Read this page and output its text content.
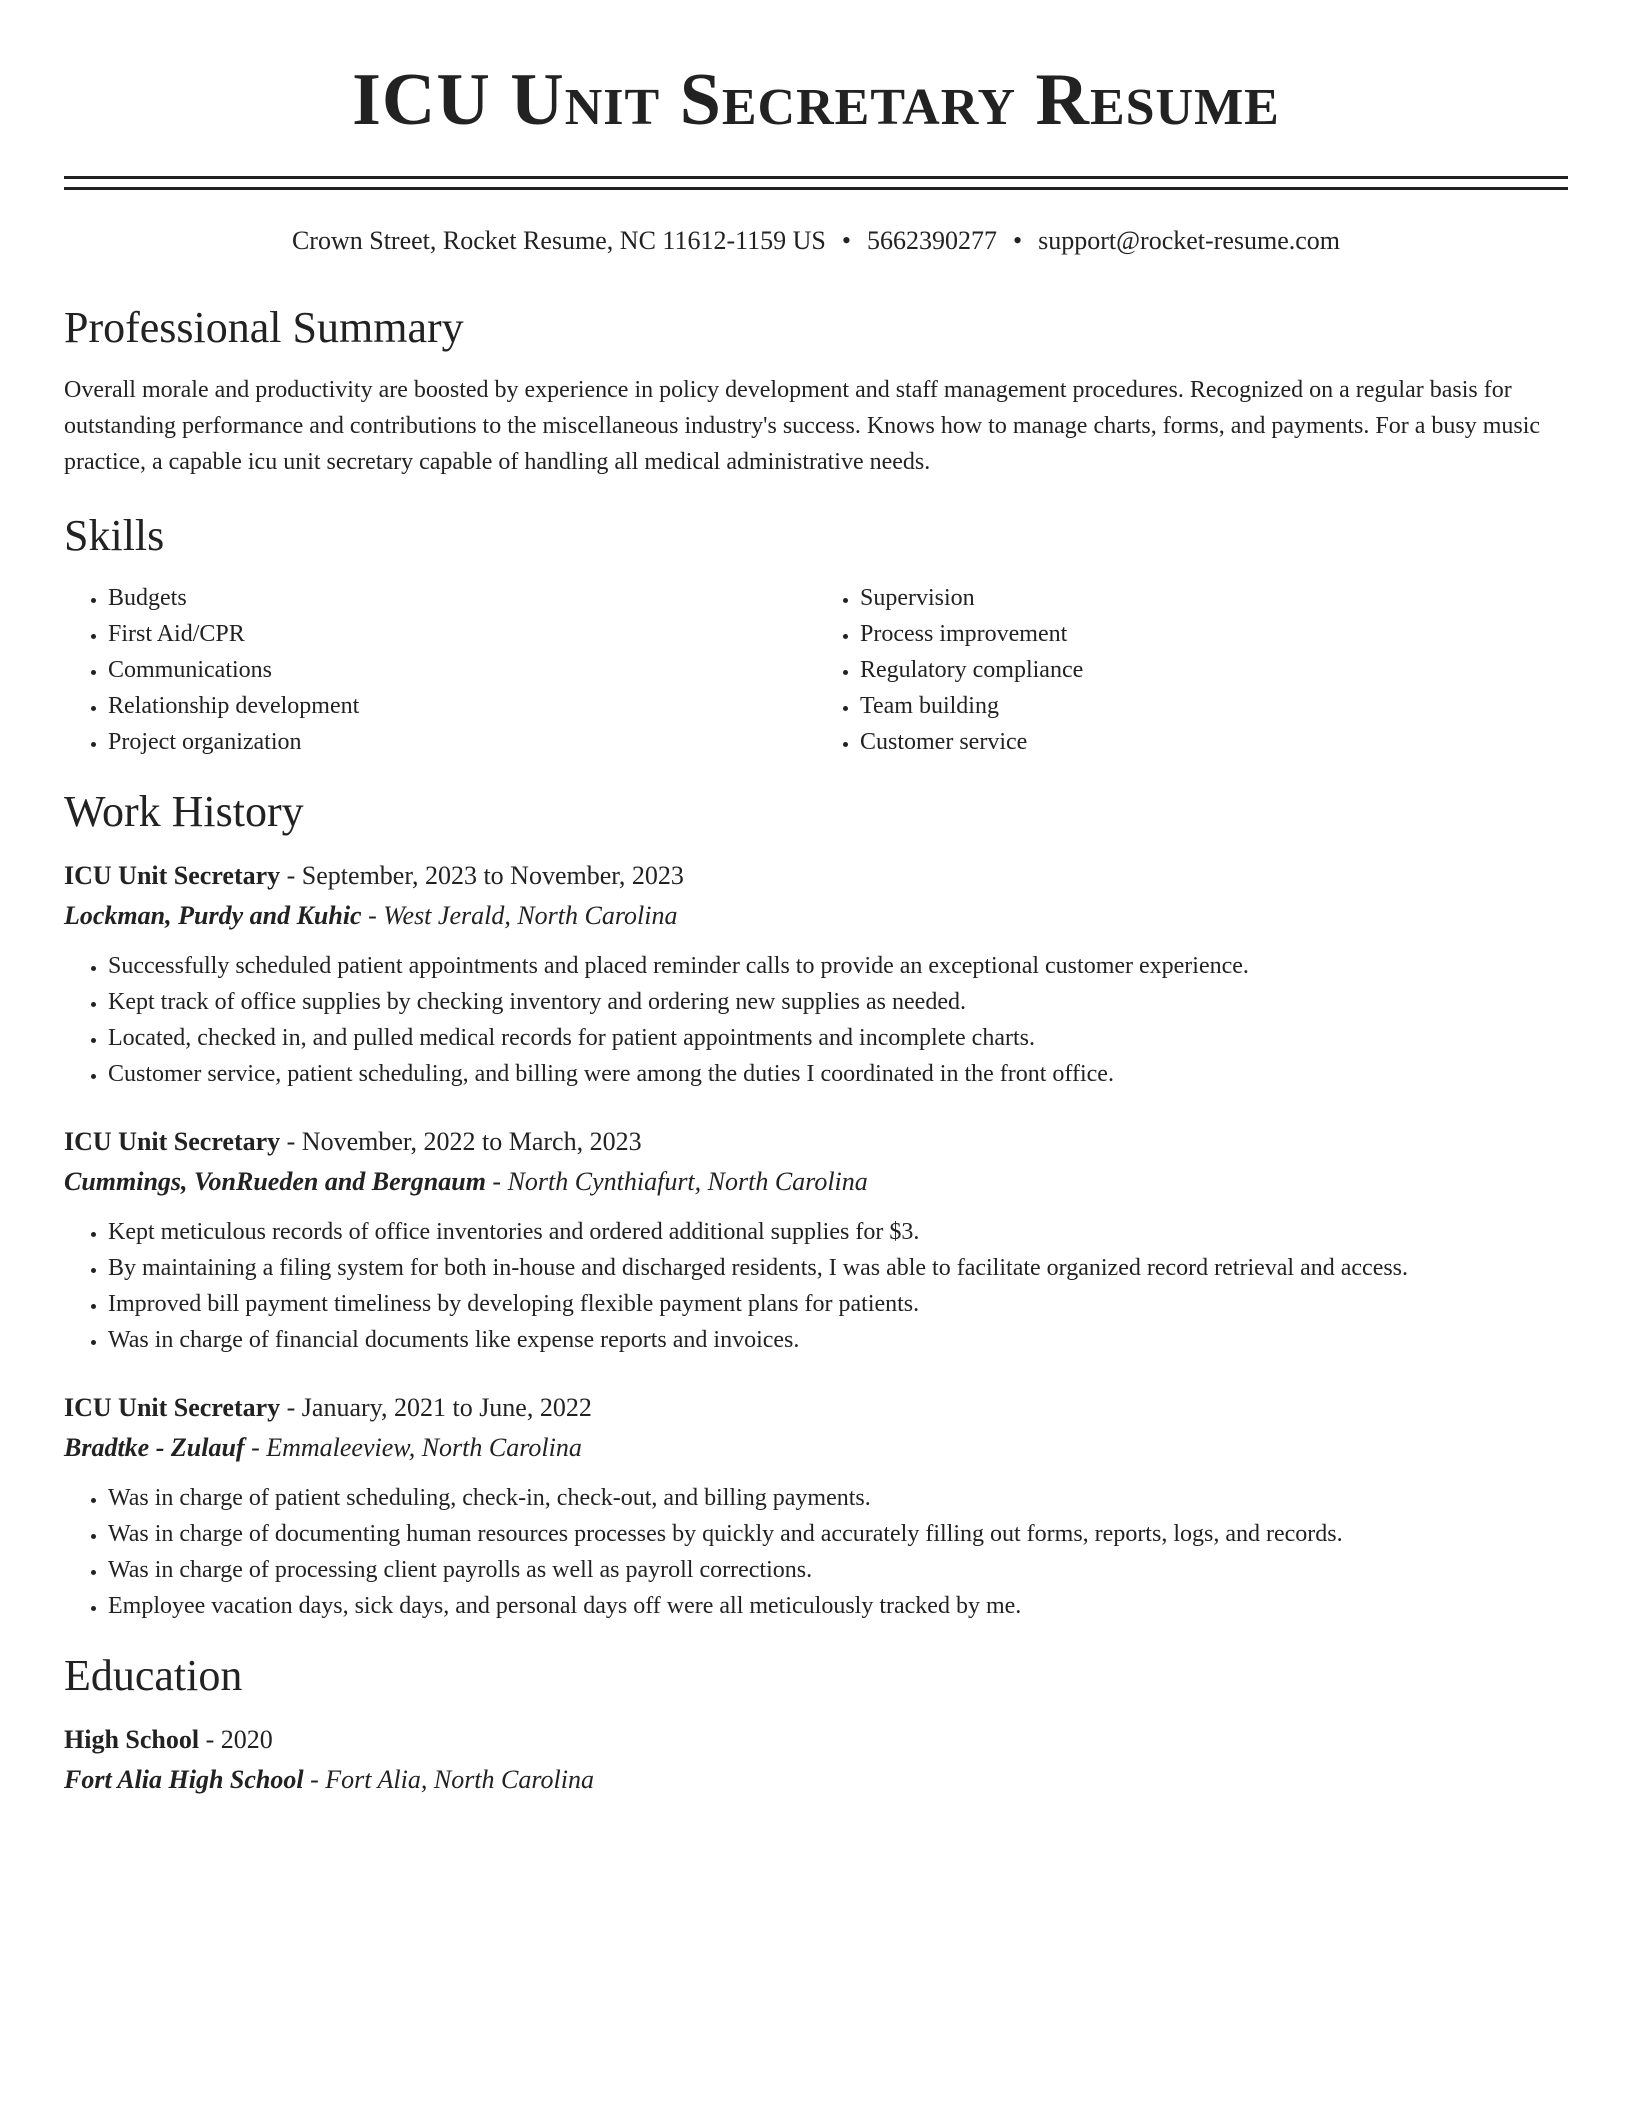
ICU Unit Secretary Resume
Crown Street, Rocket Resume, NC 11612-1159 US • 5662390277 • support@rocket-resume.com
Professional Summary
Overall morale and productivity are boosted by experience in policy development and staff management procedures. Recognized on a regular basis for outstanding performance and contributions to the miscellaneous industry's success. Knows how to manage charts, forms, and payments. For a busy music practice, a capable icu unit secretary capable of handling all medical administrative needs.
Skills
• Budgets
• First Aid/CPR
• Communications
• Relationship development
• Project organization
• Supervision
• Process improvement
• Regulatory compliance
• Team building
• Customer service
Work History
ICU Unit Secretary - September, 2023 to November, 2023
Lockman, Purdy and Kuhic - West Jerald, North Carolina
• Successfully scheduled patient appointments and placed reminder calls to provide an exceptional customer experience.
• Kept track of office supplies by checking inventory and ordering new supplies as needed.
• Located, checked in, and pulled medical records for patient appointments and incomplete charts.
• Customer service, patient scheduling, and billing were among the duties I coordinated in the front office.
ICU Unit Secretary - November, 2022 to March, 2023
Cummings, VonRueden and Bergnaum - North Cynthiafurt, North Carolina
• Kept meticulous records of office inventories and ordered additional supplies for $3.
• By maintaining a filing system for both in-house and discharged residents, I was able to facilitate organized record retrieval and access.
• Improved bill payment timeliness by developing flexible payment plans for patients.
• Was in charge of financial documents like expense reports and invoices.
ICU Unit Secretary - January, 2021 to June, 2022
Bradtke - Zulauf - Emmaleeview, North Carolina
• Was in charge of patient scheduling, check-in, check-out, and billing payments.
• Was in charge of documenting human resources processes by quickly and accurately filling out forms, reports, logs, and records.
• Was in charge of processing client payrolls as well as payroll corrections.
• Employee vacation days, sick days, and personal days off were all meticulously tracked by me.
Education
High School - 2020
Fort Alia High School - Fort Alia, North Carolina
